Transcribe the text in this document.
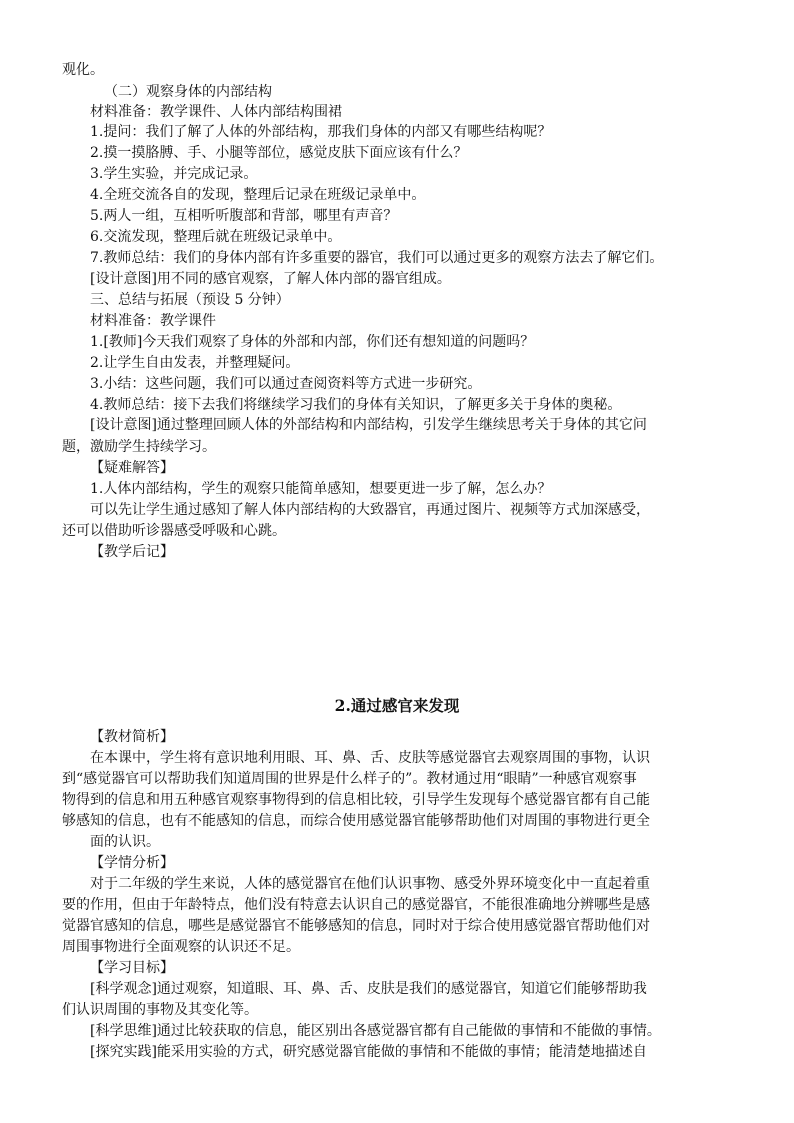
观化。
（二）观察身体的内部结构
材料准备：教学课件、人体内部结构围裙
1.提问：我们了解了人体的外部结构，那我们身体的内部又有哪些结构呢？
2.摸一摸胳膊、手、小腿等部位，感觉皮肤下面应该有什么？
3.学生实验，并完成记录。
4.全班交流各自的发现，整理后记录在班级记录单中。
5.两人一组，互相听听腹部和背部，哪里有声音？
6.交流发现，整理后就在班级记录单中。
7.教师总结：我们的身体内部有许多重要的器官，我们可以通过更多的观察方法去了解它们。
[设计意图]用不同的感官观察，了解人体内部的器官组成。
三、总结与拓展（预设 5 分钟）
材料准备：教学课件
1.[教师]今天我们观察了身体的外部和内部，你们还有想知道的问题吗？
2.让学生自由发表，并整理疑问。
3.小结：这些问题，我们可以通过查阅资料等方式进一步研究。
4.教师总结：接下去我们将继续学习我们的身体有关知识，了解更多关于身体的奥秘。
[设计意图]通过整理回顾人体的外部结构和内部结构，引发学生继续思考关于身体的其它问
题，激励学生持续学习。
【疑难解答】
1.人体内部结构，学生的观察只能简单感知，想要更进一步了解，怎么办？
可以先让学生通过感知了解人体内部结构的大致器官，再通过图片、视频等方式加深感受，
还可以借助听诊器感受呼吸和心跳。
【教学后记】
2.通过感官来发现
【教材简析】
在本课中，学生将有意识地利用眼、耳、鼻、舌、皮肤等感觉器官去观察周围的事物，认识
到“感觉器官可以帮助我们知道周围的世界是什么样子的”。教材通过用“眼睛”一种感官观察事
物得到的信息和用五种感官观察事物得到的信息相比较，引导学生发现每个感觉器官都有自己能
够感知的信息，也有不能感知的信息，而综合使用感觉器官能够帮助他们对周围的事物进行更全
面的认识。
【学情分析】
对于二年级的学生来说，人体的感觉器官在他们认识事物、感受外界环境变化中一直起着重
要的作用，但由于年龄特点，他们没有特意去认识自己的感觉器官，不能很准确地分辨哪些是感
觉器官感知的信息，哪些是感觉器官不能够感知的信息，同时对于综合使用感觉器官帮助他们对
周围事物进行全面观察的认识还不足。
【学习目标】
[科学观念]通过观察，知道眼、耳、鼻、舌、皮肤是我们的感觉器官，知道它们能够帮助我
们认识周围的事物及其变化等。
[科学思维]通过比较获取的信息，能区别出各感觉器官都有自己能做的事情和不能做的事情。
[探究实践]能采用实验的方式，研究感觉器官能做的事情和不能做的事情；能清楚地描述自
